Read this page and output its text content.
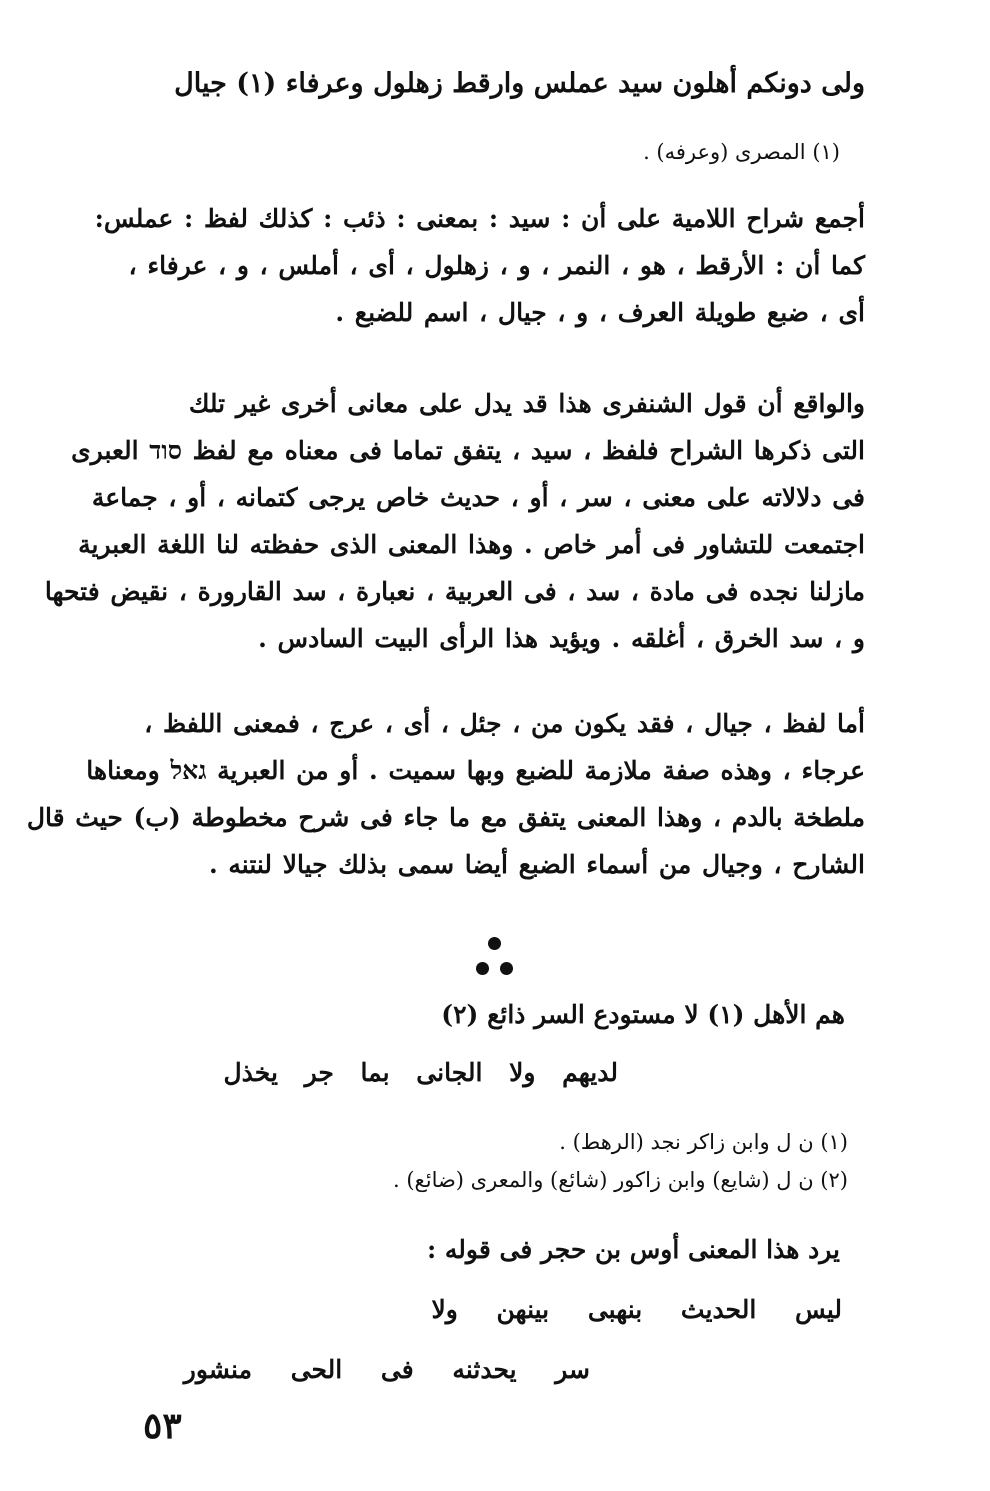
ولى دونكم أهلون سيد عملس وارقط زهلول وعرفاء (١) جيال
(١) المصرى (وعرفه) .
أجمع شراح اللامية على أن : سيد : بمعنى : ذئب : كذلك لفظ : عملس:
كما أن : الأرقط ، هو ، النمر ، و ، زهلول ، أى ، أملس ، و ، عرفاء ،
أى ، ضبع طويلة العرف ، و ، جيال ، اسم للضبع .
والواقع أن قول الشنفرى هذا قد يدل على معانى أخرى غير تلك
التى ذكرها الشراح فلفظ ، سيد ، يتفق تماما فى معناه مع لفظ סוד العبرى
فى دلالاته على معنى ، سر ، أو ، حديث خاص يرجى كتمانه ، أو ، جماعة
اجتمعت للتشاور فى أمر خاص . وهذا المعنى الذى حفظته لنا اللغة العبرية
مازلنا نجده فى مادة ، سد ، فى العربية ، نعبارة ، سد القارورة ، نقيض فتحها
و ، سد الخرق ، أغلقه . ويؤيد هذا الرأى البيت السادس .
أما لفظ ، جيال ، فقد يكون من ، جئل ، أى ، عرج ، فمعنى اللفظ ،
عرجاء ، وهذه صفة ملازمة للضبع وبها سميت . أو من العبرية גאל ومعناها
ملطخة بالدم ، وهذا المعنى يتفق مع ما جاء فى شرح مخطوطة (ب) حيث قال
الشارح ، وجيال من أسماء الضبع أيضا سمى بذلك جيالا لنتنه .
هم الأهل (١) لا مستودع السر ذائع (٢)
لديهم ولا الجانى بما جر يخذل
(١) ن ل وابن زاكر نجد (الرهط) .
(٢) ن ل (شايع) وابن زاكور (شائع) والمعرى (ضائع) .
يرد هذا المعنى أوس بن حجر فى قوله :
ليس الحديث بنهبى بينهن ولا
سر يحدثنه فى الحى منشور
٥٣
